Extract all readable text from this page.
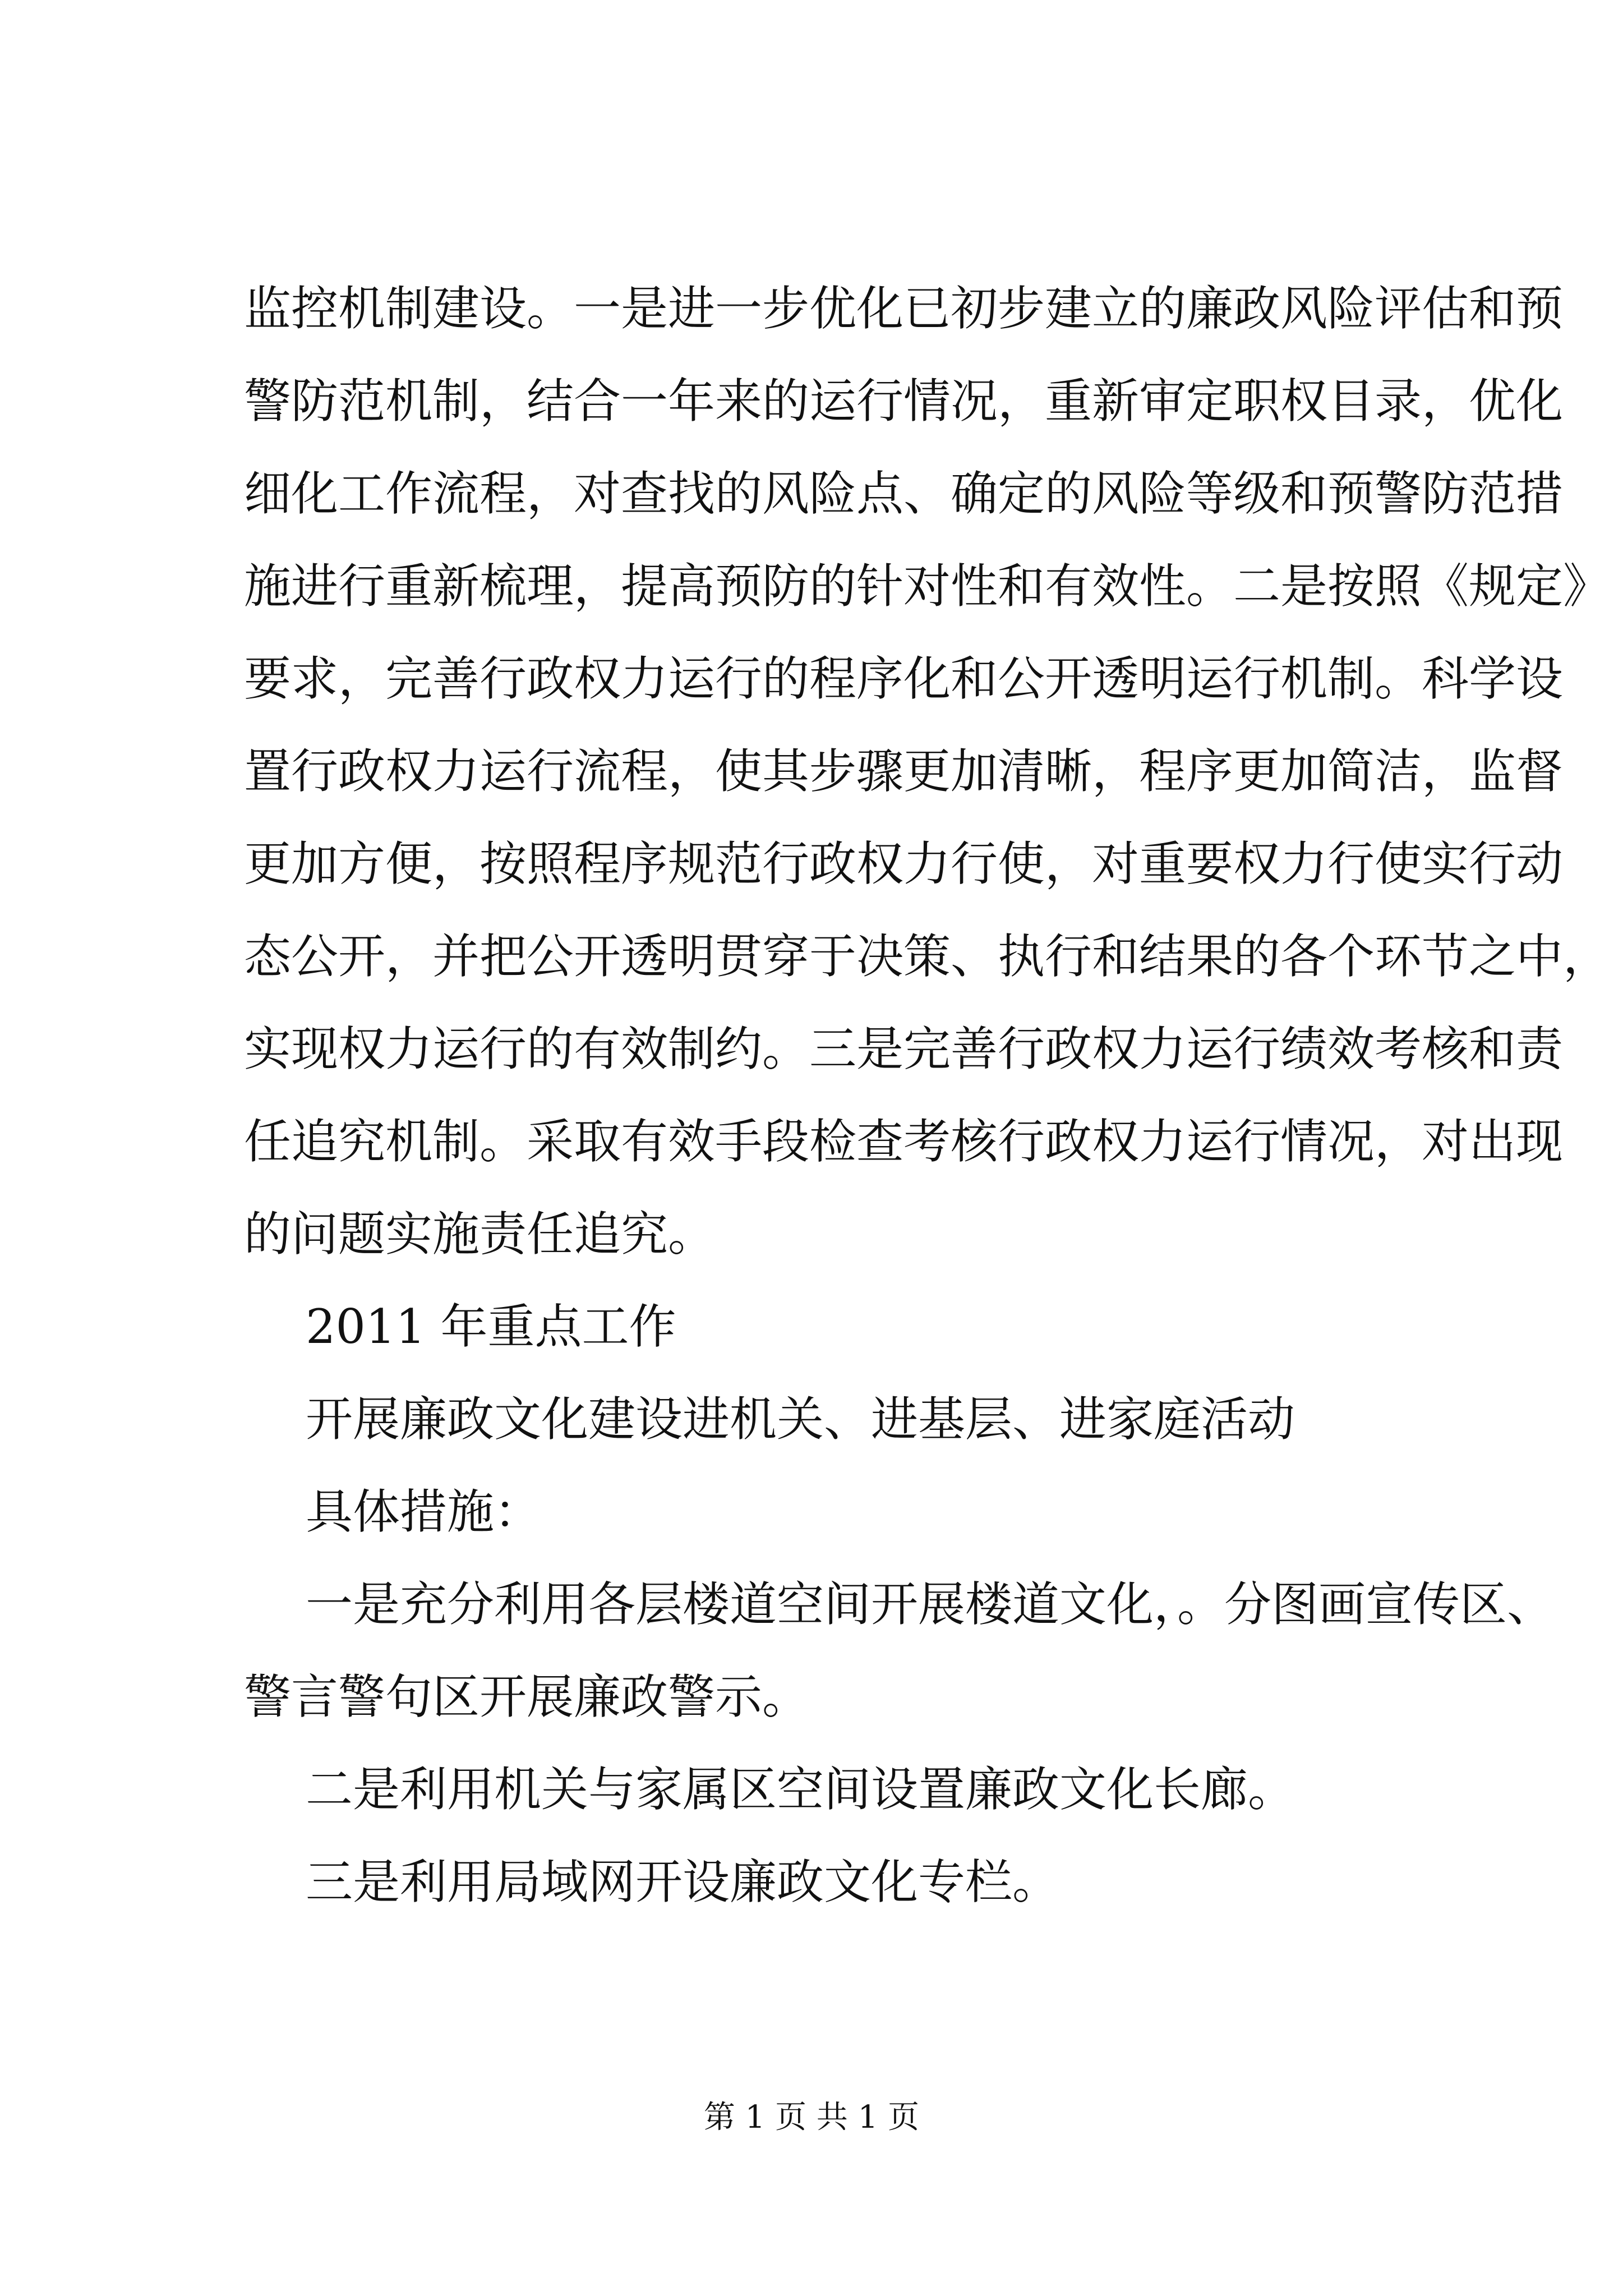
监控机制建设。一是进一步优化已初步建立的廉政风险评估和预
警防范机制，结合一年来的运行情况，重新审定职权目录，优化
细化工作流程，对查找的风险点、确定的风险等级和预警防范措
施进行重新梳理，提高预防的针对性和有效性。二是按照《规定》
要求，完善行政权力运行的程序化和公开透明运行机制。科学设
置行政权力运行流程，使其步骤更加清晰，程序更加简洁，监督
更加方便，按照程序规范行政权力行使，对重要权力行使实行动
态公开，并把公开透明贯穿于决策、执行和结果的各个环节之中，
实现权力运行的有效制约。三是完善行政权力运行绩效考核和责
任追究机制。采取有效手段检查考核行政权力运行情况，对出现
的问题实施责任追究。
2011 年重点工作
开展廉政文化建设进机关、进基层、进家庭活动
具体措施：
一是充分利用各层楼道空间开展楼道文化，。分图画宣传区、
警言警句区开展廉政警示。
二是利用机关与家属区空间设置廉政文化长廊。
三是利用局域网开设廉政文化专栏。
第 1 页 共 1 页
